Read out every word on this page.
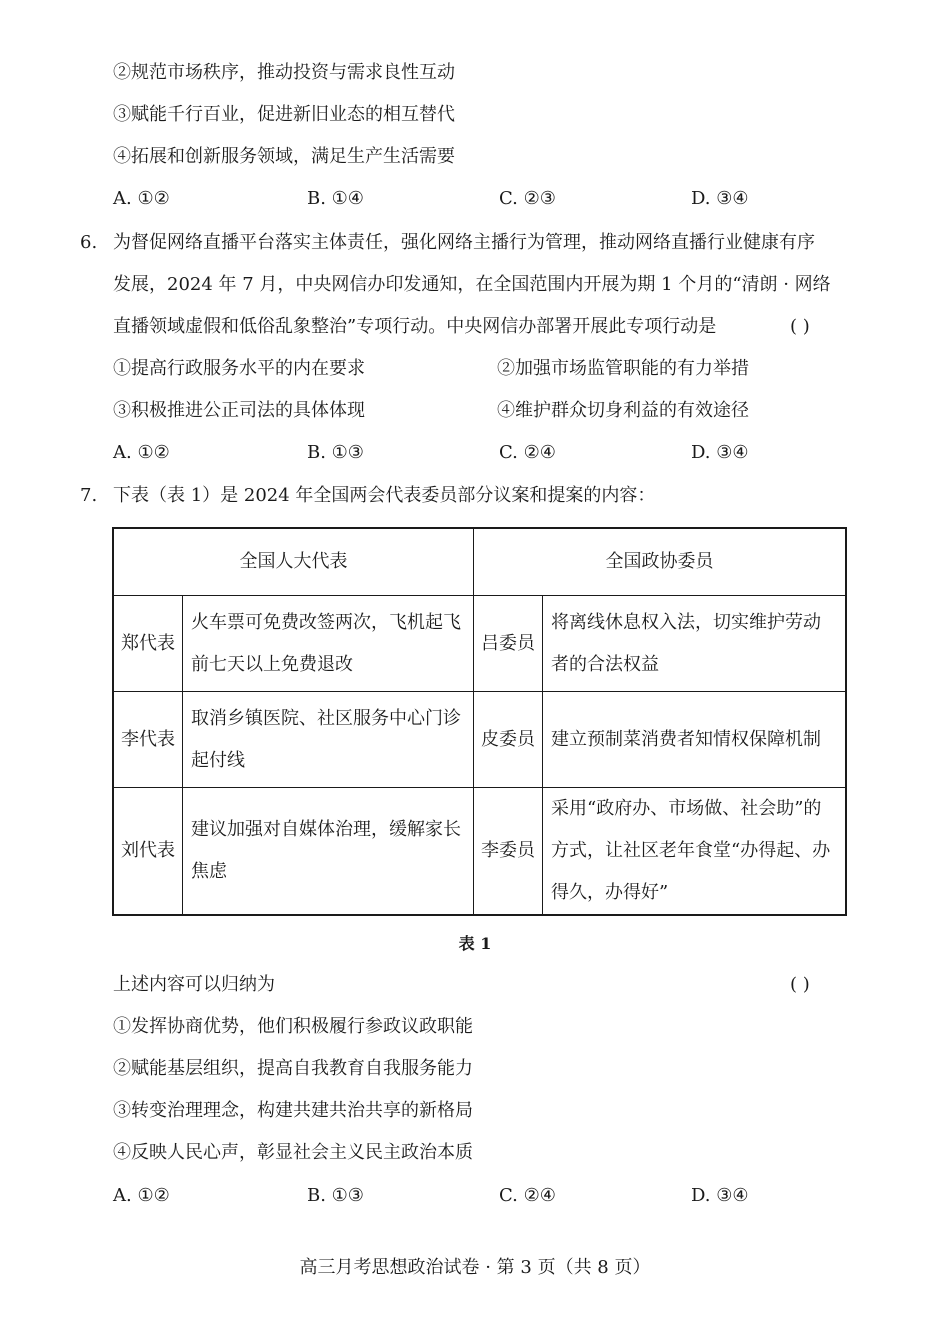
②规范市场秩序，推动投资与需求良性互动
③赋能千行百业，促进新旧业态的相互替代
④拓展和创新服务领域，满足生产生活需要
A. ①②	B. ①④	C. ②③	D. ③④
6. 为督促网络直播平台落实主体责任，强化网络主播行为管理，推动网络直播行业健康有序
发展，2024 年 7 月，中央网信办印发通知，在全国范围内开展为期 1 个月的“清朗 · 网络
直播领域虚假和低俗乱象整治”专项行动。中央网信办部署开展此专项行动是	( )
①提高行政服务水平的内在要求	②加强市场监管职能的有力举措
③积极推进公正司法的具体体现	④维护群众切身利益的有效途径
A. ①②	B. ①③	C. ②④	D. ③④
7. 下表（表 1）是 2024 年全国两会代表委员部分议案和提案的内容：
全国人大代表		全国政协委员	
郑代表	火车票可免费改签两次，飞机起飞前七天以上免费退改	吕委员	将离线休息权入法，切实维护劳动者的合法权益
李代表	取消乡镇医院、社区服务中心门诊起付线	皮委员	建立预制菜消费者知情权保障机制
刘代表	建议加强对自媒体治理，缓解家长焦虑	李委员	采用“政府办、市场做、社会助”的方式，让社区老年食堂“办得起、办得久，办得好”
表 1
上述内容可以归纳为	( )
①发挥协商优势，他们积极履行参政议政职能
②赋能基层组织，提高自我教育自我服务能力
③转变治理理念，构建共建共治共享的新格局
④反映人民心声，彰显社会主义民主政治本质
A. ①②	B. ①③	C. ②④	D. ③④
高三月考思想政治试卷 · 第 3 页（共 8 页）
